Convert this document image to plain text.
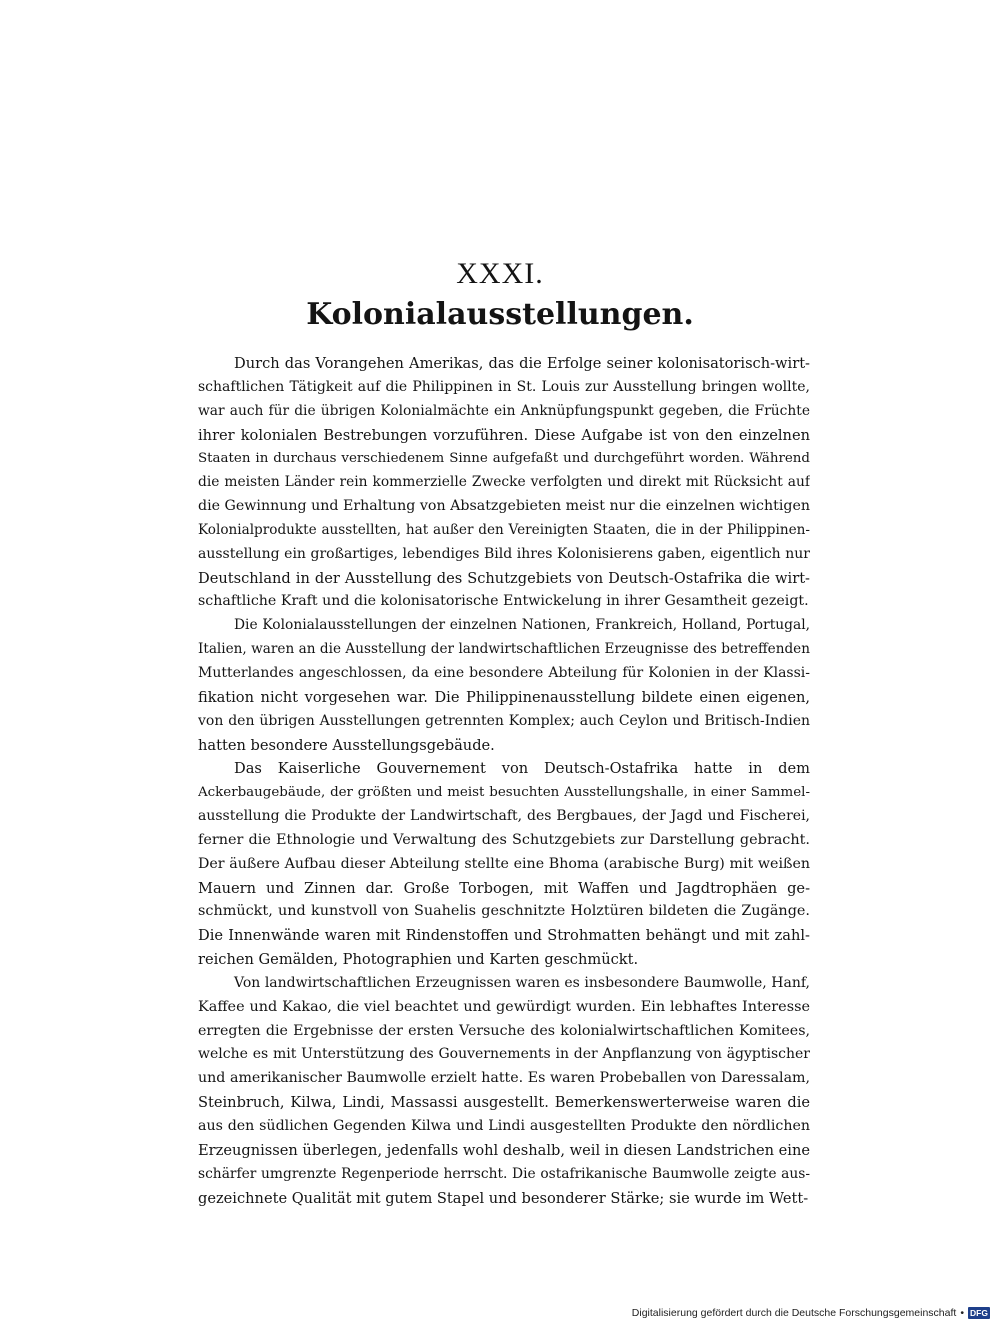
XXXI.
Kolonialausstellungen.
Durch das Vorangehen Amerikas, das die Erfolge seiner kolonisatorisch-wirt-
schaftlichen Tätigkeit auf die Philippinen in St. Louis zur Ausstellung bringen wollte,
war auch für die übrigen Kolonialmächte ein Anknüpfungspunkt gegeben, die Früchte
ihrer kolonialen Bestrebungen vorzuführen. Diese Aufgabe ist von den einzelnen
Staaten in durchaus verschiedenem Sinne aufgefaßt und durchgeführt worden. Während
die meisten Länder rein kommerzielle Zwecke verfolgten und direkt mit Rücksicht auf
die Gewinnung und Erhaltung von Absatzgebieten meist nur die einzelnen wichtigen
Kolonialprodukte ausstellten, hat außer den Vereinigten Staaten, die in der Philippinen-
ausstellung ein großartiges, lebendiges Bild ihres Kolonisierens gaben, eigentlich nur
Deutschland in der Ausstellung des Schutzgebiets von Deutsch-Ostafrika die wirt-
schaftliche Kraft und die kolonisatorische Entwickelung in ihrer Gesamtheit gezeigt.
Die Kolonialausstellungen der einzelnen Nationen, Frankreich, Holland, Portugal,
Italien, waren an die Ausstellung der landwirtschaftlichen Erzeugnisse des betreffenden
Mutterlandes angeschlossen, da eine besondere Abteilung für Kolonien in der Klassi-
fikation nicht vorgesehen war. Die Philippinenausstellung bildete einen eigenen,
von den übrigen Ausstellungen getrennten Komplex; auch Ceylon und Britisch-Indien
hatten besondere Ausstellungsgebäude.
Das Kaiserliche Gouvernement von Deutsch-Ostafrika hatte in dem
Ackerbaugebäude, der größten und meist besuchten Ausstellungshalle, in einer Sammel-
ausstellung die Produkte der Landwirtschaft, des Bergbaues, der Jagd und Fischerei,
ferner die Ethnologie und Verwaltung des Schutzgebiets zur Darstellung gebracht.
Der äußere Aufbau dieser Abteilung stellte eine Bhoma (arabische Burg) mit weißen
Mauern und Zinnen dar. Große Torbogen, mit Waffen und Jagdtrophäen ge-
schmückt, und kunstvoll von Suahelis geschnitzte Holztüren bildeten die Zugänge.
Die Innenwände waren mit Rindenstoffen und Strohmatten behängt und mit zahl-
reichen Gemälden, Photographien und Karten geschmückt.
Von landwirtschaftlichen Erzeugnissen waren es insbesondere Baumwolle, Hanf,
Kaffee und Kakao, die viel beachtet und gewürdigt wurden. Ein lebhaftes Interesse
erregten die Ergebnisse der ersten Versuche des kolonialwirtschaftlichen Komitees,
welche es mit Unterstützung des Gouvernements in der Anpflanzung von ägyptischer
und amerikanischer Baumwolle erzielt hatte. Es waren Probeballen von Daressalam,
Steinbruch, Kilwa, Lindi, Massassi ausgestellt. Bemerkenswerterweise waren die
aus den südlichen Gegenden Kilwa und Lindi ausgestellten Produkte den nördlichen
Erzeugnissen überlegen, jedenfalls wohl deshalb, weil in diesen Landstrichen eine
schärfer umgrenzte Regenperiode herrscht. Die ostafrikanische Baumwolle zeigte aus-
gezeichnete Qualität mit gutem Stapel und besonderer Stärke; sie wurde im Wett-
Digitalisierung gefördert durch die Deutsche Forschungsgemeinschaft • DFG
